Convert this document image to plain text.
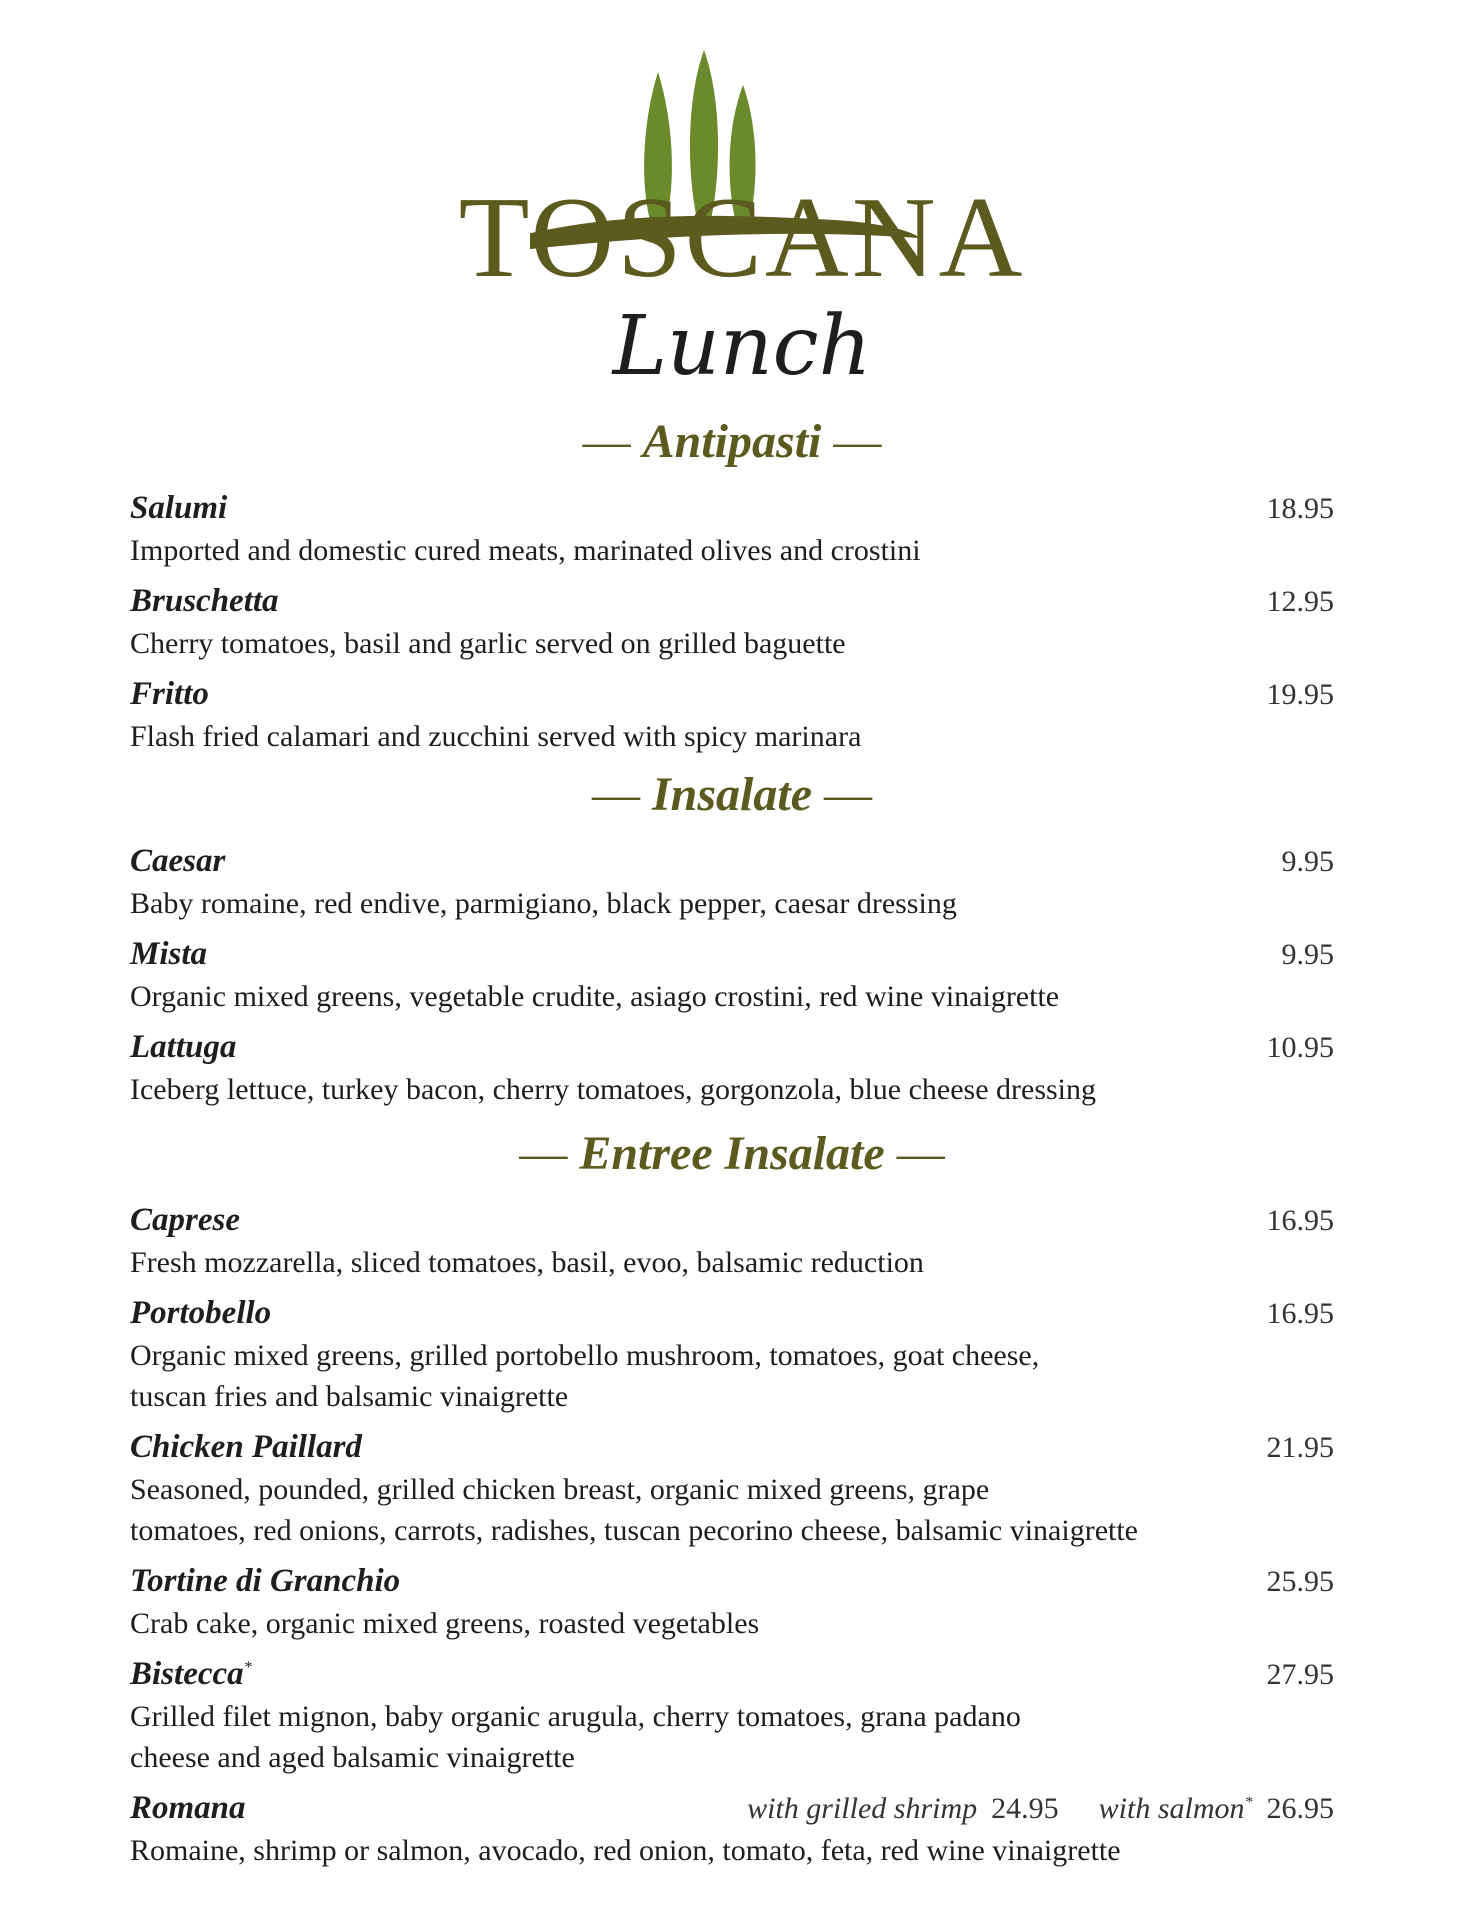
TOSCANA
Lunch
— Antipasti —
Salumi	18.95
Imported and domestic cured meats, marinated olives and crostini
Bruschetta	12.95
Cherry tomatoes, basil and garlic served on grilled baguette
Fritto	19.95
Flash fried calamari and zucchini served with spicy marinara
— Insalate —
Caesar	9.95
Baby romaine, red endive, parmigiano, black pepper, caesar dressing
Mista	9.95
Organic mixed greens, vegetable crudite, asiago crostini, red wine vinaigrette
Lattuga	10.95
Iceberg lettuce, turkey bacon, cherry tomatoes, gorgonzola, blue cheese dressing
— Entree Insalate —
Caprese	16.95
Fresh mozzarella, sliced tomatoes, basil, evoo, balsamic reduction
Portobello	16.95
Organic mixed greens, grilled portobello mushroom, tomatoes, goat cheese,
tuscan fries and balsamic vinaigrette
Chicken Paillard	21.95
Seasoned, pounded, grilled chicken breast, organic mixed greens, grape
tomatoes, red onions, carrots, radishes, tuscan pecorino cheese, balsamic vinaigrette
Tortine di Granchio	25.95
Crab cake, organic mixed greens, roasted vegetables
Bistecca*	27.95
Grilled filet mignon, baby organic arugula, cherry tomatoes, grana padano
cheese and aged balsamic vinaigrette
Romana	with grilled shrimp 24.95 with salmon* 26.95
Romaine, shrimp or salmon, avocado, red onion, tomato, feta, red wine vinaigrette
